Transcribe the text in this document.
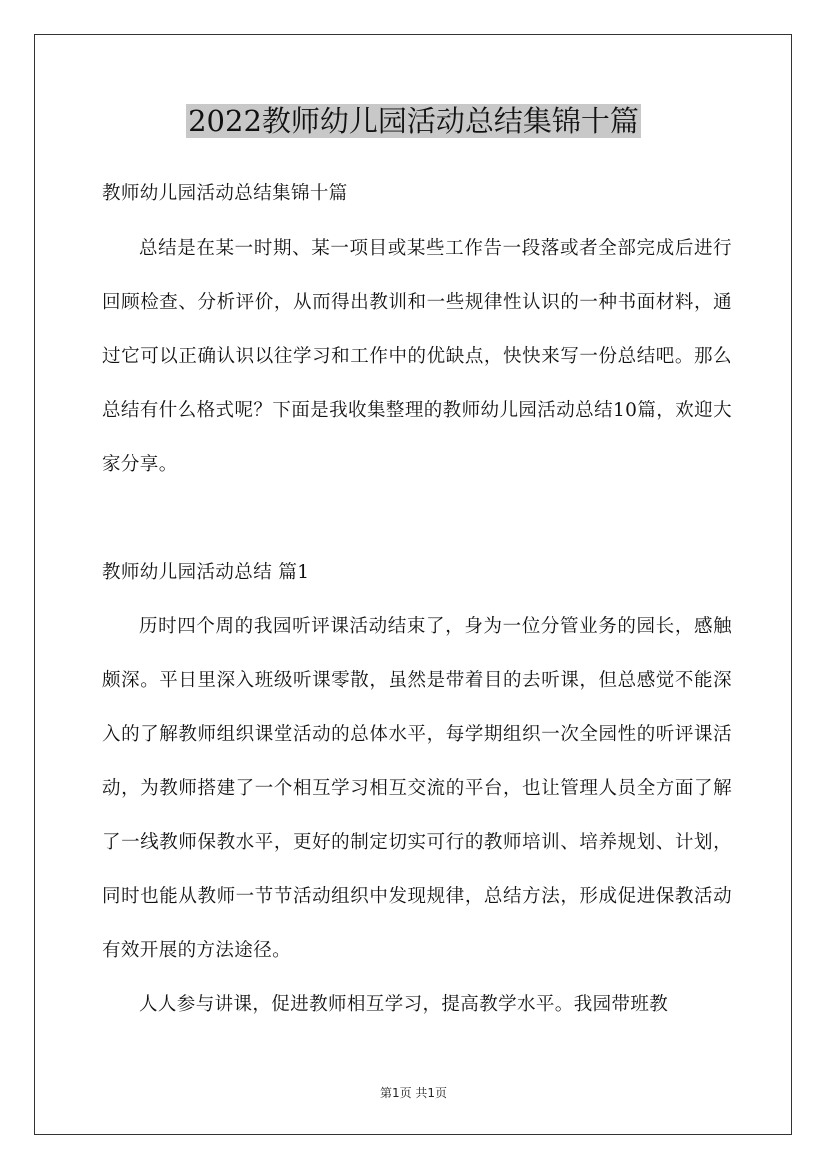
2022教师幼儿园活动总结集锦十篇

教师幼儿园活动总结集锦十篇

总结是在某一时期、某一项目或某些工作告一段落或者全部完成后进行回顾检查、分析评价，从而得出教训和一些规律性认识的一种书面材料，通过它可以正确认识以往学习和工作中的优缺点，快快来写一份总结吧。那么总结有什么格式呢？下面是我收集整理的教师幼儿园活动总结10篇，欢迎大家分享。

教师幼儿园活动总结 篇1

历时四个周的我园听评课活动结束了，身为一位分管业务的园长，感触颇深。平日里深入班级听课零散，虽然是带着目的去听课，但总感觉不能深入的了解教师组织课堂活动的总体水平，每学期组织一次全园性的听评课活动，为教师搭建了一个相互学习相互交流的平台，也让管理人员全方面了解了一线教师保教水平，更好的制定切实可行的教师培训、培养规划、计划，同时也能从教师一节节活动组织中发现规律，总结方法，形成促进保教活动有效开展的方法途径。

人人参与讲课，促进教师相互学习，提高教学水平。我园带班教

第1页 共1页
